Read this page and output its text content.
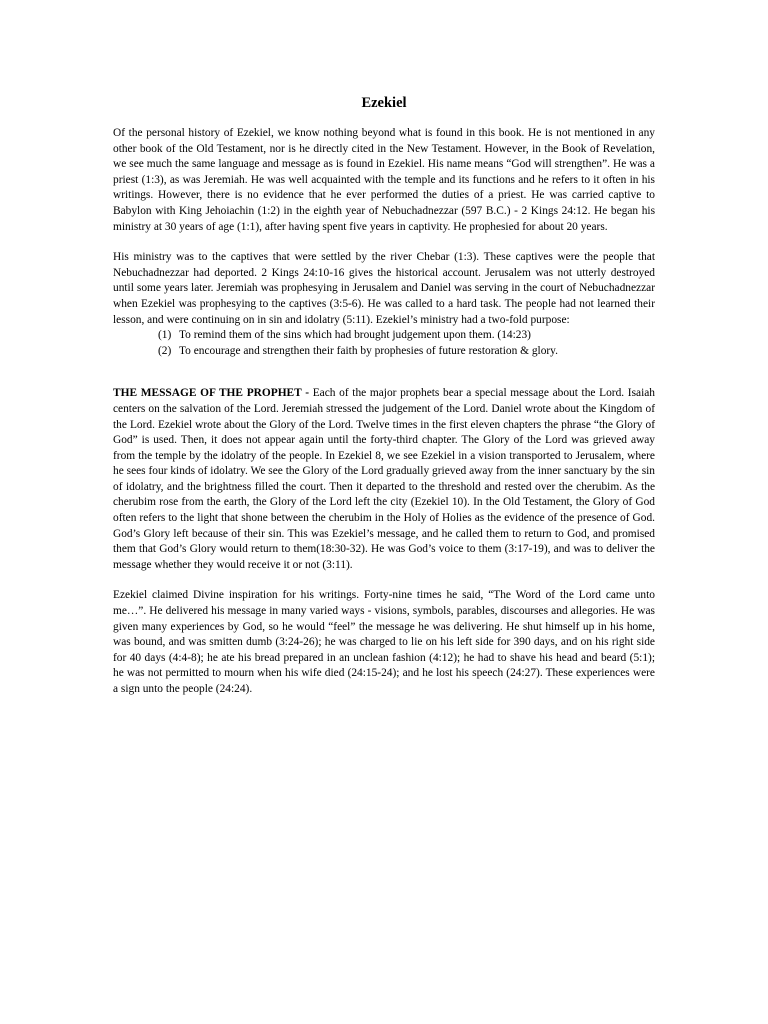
Ezekiel

Of the personal history of Ezekiel, we know nothing beyond what is found in this book. He is not mentioned in any other book of the Old Testament, nor is he directly cited in the New Testament. However, in the Book of Revelation, we see much the same language and message as is found in Ezekiel. His name means “God will strengthen”. He was a priest (1:3), as was Jeremiah. He was well acquainted with the temple and its functions and he refers to it often in his writings. However, there is no evidence that he ever performed the duties of a priest. He was carried captive to Babylon with King Jehoiachin (1:2) in the eighth year of Nebuchadnezzar (597 B.C.) - 2 Kings 24:12. He began his ministry at 30 years of age (1:1), after having spent five years in captivity. He prophesied for about 20 years.

His ministry was to the captives that were settled by the river Chebar (1:3). These captives were the people that Nebuchadnezzar had deported. 2 Kings 24:10-16 gives the historical account. Jerusalem was not utterly destroyed until some years later. Jeremiah was prophesying in Jerusalem and Daniel was serving in the court of Nebuchadnezzar when Ezekiel was prophesying to the captives (3:5-6). He was called to a hard task. The people had not learned their lesson, and were continuing on in sin and idolatry (5:11). Ezekiel’s ministry had a two-fold purpose:

(1) To remind them of the sins which had brought judgement upon them. (14:23)
(2) To encourage and strengthen their faith by prophesies of future restoration & glory.

THE MESSAGE OF THE PROPHET - Each of the major prophets bear a special message about the Lord. Isaiah centers on the salvation of the Lord. Jeremiah stressed the judgement of the Lord. Daniel wrote about the Kingdom of the Lord. Ezekiel wrote about the Glory of the Lord. Twelve times in the first eleven chapters the phrase “the Glory of God” is used. Then, it does not appear again until the forty-third chapter. The Glory of the Lord was grieved away from the temple by the idolatry of the people. In Ezekiel 8, we see Ezekiel in a vision transported to Jerusalem, where he sees four kinds of idolatry. We see the Glory of the Lord gradually grieved away from the inner sanctuary by the sin of idolatry, and the brightness filled the court. Then it departed to the threshold and rested over the cherubim. As the cherubim rose from the earth, the Glory of the Lord left the city (Ezekiel 10). In the Old Testament, the Glory of God often refers to the light that shone between the cherubim in the Holy of Holies as the evidence of the presence of God. God’s Glory left because of their sin. This was Ezekiel’s message, and he called them to return to God, and promised them that God’s Glory would return to them(18:30-32). He was God’s voice to them (3:17-19), and was to deliver the message whether they would receive it or not (3:11).

Ezekiel claimed Divine inspiration for his writings. Forty-nine times he said, “The Word of the Lord came unto me…”. He delivered his message in many varied ways - visions, symbols, parables, discourses and allegories. He was given many experiences by God, so he would “feel” the message he was delivering. He shut himself up in his home, was bound, and was smitten dumb (3:24-26); he was charged to lie on his left side for 390 days, and on his right side for 40 days (4:4-8); he ate his bread prepared in an unclean fashion (4:12); he had to shave his head and beard (5:1); he was not permitted to mourn when his wife died (24:15-24); and he lost his speech (24:27). These experiences were a sign unto the people (24:24).
